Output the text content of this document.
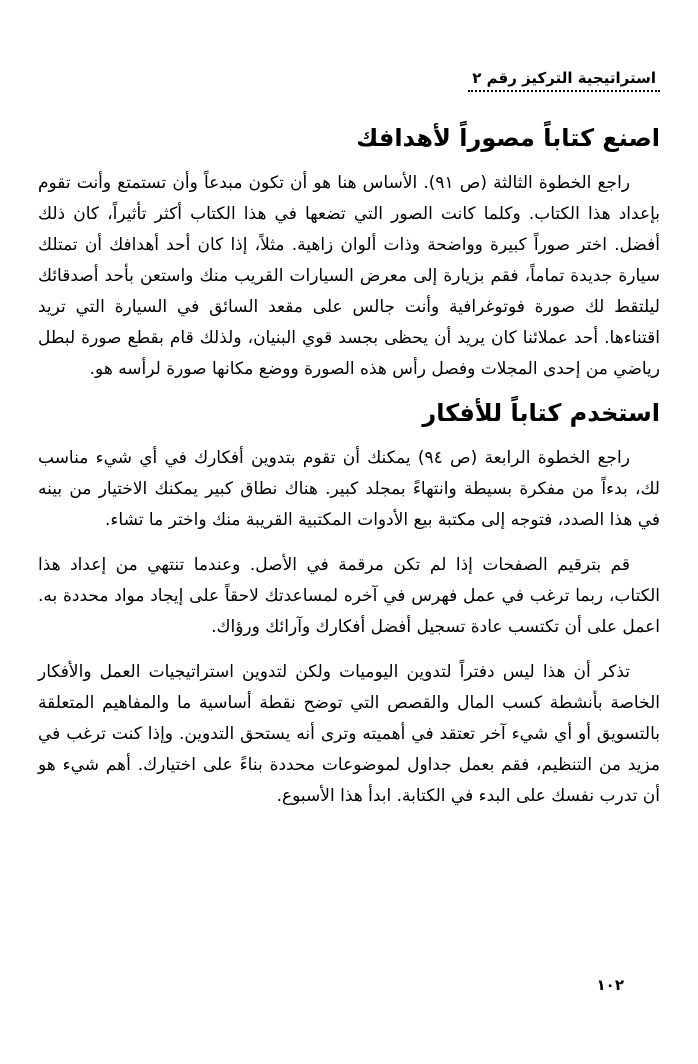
استراتيجية التركيز رقم ٢
اصنع كتاباً مصوراً لأهدافك

راجع الخطوة الثالثة (ص ٩١). الأساس هنا هو أن تكون مبدعاً وأن تستمتع وأنت تقوم بإعداد هذا الكتاب. وكلما كانت الصور التي تضعها في هذا الكتاب أكثر تأثيراً، كان ذلك أفضل. اختر صوراً كبيرة وواضحة وذات ألوان زاهية. مثلاً، إذا كان أحد أهدافك أن تمتلك سيارة جديدة تماماً، فقم بزيارة إلى معرض السيارات القريب منك واستعن بأحد أصدقائك ليلتقط لك صورة فوتوغرافية وأنت جالس على مقعد السائق في السيارة التي تريد اقتناءها. أحد عملائنا كان يريد أن يحظى بجسد قوي البنيان، ولذلك قام بقطع صورة لبطل رياضي من إحدى المجلات وفصل رأس هذه الصورة ووضع مكانها صورة لرأسه هو.

استخدم كتاباً للأفكار

راجع الخطوة الرابعة (ص ٩٤) يمكنك أن تقوم بتدوين أفكارك في أي شيء مناسب لك، بدءاً من مفكرة بسيطة وانتهاءً بمجلد كبير. هناك نطاق كبير يمكنك الاختيار من بينه في هذا الصدد، فتوجه إلى مكتبة بيع الأدوات المكتبية القريبة منك واختر ما تشاء.

قم بترقيم الصفحات إذا لم تكن مرقمة في الأصل. وعندما تنتهي من إعداد هذا الكتاب، ربما ترغب في عمل فهرس في آخره لمساعدتك لاحقاً على إيجاد مواد محددة به. اعمل على أن تكتسب عادة تسجيل أفضل أفكارك وآرائك ورؤاك.

تذكر أن هذا ليس دفتراً لتدوين اليوميات ولكن لتدوين استراتيجيات العمل والأفكار الخاصة بأنشطة كسب المال والقصص التي توضح نقطة أساسية ما والمفاهيم المتعلقة بالتسويق أو أي شيء آخر تعتقد في أهميته وترى أنه يستحق التدوين. وإذا كنت ترغب في مزيد من التنظيم، فقم بعمل جداول لموضوعات محددة بناءً على اختيارك. أهم شيء هو أن تدرب نفسك على البدء في الكتابة. ابدأ هذا الأسبوع.

١٠٢
